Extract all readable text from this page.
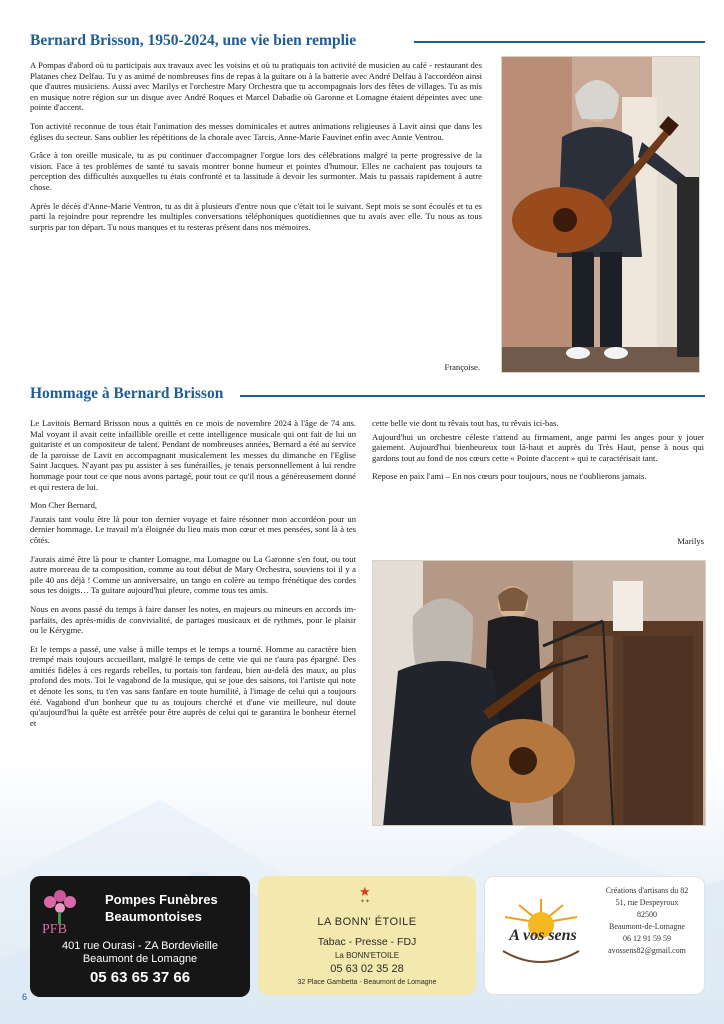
Bernard Brisson, 1950-2024, une vie bien remplie

A Pompas d'abord où tu participais aux travaux avec les voisins et où tu pratiquais ton activité de musicien au café - restaurant des Platanes chez Delfau. Tu y as animé de nombreuses fins de repas à la guitare ou à la batterie avec André Delfau à l'accordéon ainsi que d'autres musiciens. Aussi avec Marilys et l'orchestre Mary Orchestra que tu accompagnais lors des fêtes de villages. Tu as mis en musique notre région sur un disque avec André Roques et Marcel Dabadie où Garonne et Lomagne étaient dépeintes avec une pointe d'accent.

Ton activité reconnue de tous était l'animation des messes dominicales et autres animations religieuses à Lavit ainsi que dans les églises du secteur. Sans oublier les répétitions de la chorale avec Tarcis, Anne-Marie Fauvinet enfin avec Annie Ventrou.

Grâce à ton oreille musicale, tu as pu continuer d'accompagner l'orgue lors des célébrations malgré ta perte progressive de la vision. Face à tes problèmes de santé tu savais montrer bonne humeur et pointes d'humour. Elles ne cachaient pas toujours ta perception des difficultés auxquelles tu étais confronté et ta lassitude à devoir les surmonter. Mais tu passais rapidement à autre chose.

Après le décès d'Anne-Marie Ventron, tu as dit à plusieurs d'entre nous que c'était toi le suivant. Sept mois se sont écoulés et tu es parti la rejoindre pour reprendre les multiples conversations téléphoniques quotidiennes que tu avais avec elle. Tu nous as tous surpris par ton départ. Tu nous manques et tu resteras présent dans nos mémoires.

Françoise.
Hommage à Bernard Brisson

Le Lavitois Bernard Brisson nous a quittés en ce mois de novembre 2024 à l'âge de 74 ans. Mal voyant il avait cette infaillible oreille et cette intelligence musicale qui ont fait de lui un guitariste et un compositeur de talent. Pendant de nombreuses années, Bernard a été au service de la paroisse de Lavit en accompagnant musicalement les messes du dimanche en l'Eglise Saint Jacques. N'ayant pas pu assister à ses funérailles, je tenais personnellement à lui rendre hommage pour tout ce que nous avons partagé, pour tout ce qu'il nous a généreusement donné et qui restera de lui.

Mon Cher Bernard,

J'aurais tant voulu être là pour ton dernier voyage et faire résonner mon accordéon pour un dernier hommage. Le travail m'a éloignée du lieu mais mon cœur et mes pensées, sont là à tes côtés.

J'aurais aimé être là pour te chanter Lomagne, ma Lomagne ou La Garonne s'en fout, ou tout autre morceau de ta composition, comme au tout début de Mary Orchestra, souviens toi il y a pile 40 ans déjà ! Comme un anniversaire, un tango en colère au tempo frénétique des cordes sous tes doigts… Ta guitare aujourd'hui pleure, comme tous tes amis.

Nous en avons passé du temps à faire danser les notes, en majeurs ou mineurs en accords im-parfaits, des après-midis de convivialité, de partages musicaux et de rythmes, pour le plaisir ou le Kérygme.

Et le temps a passé, une valse à mille temps et le temps a tourné. Homme au caractère bien trempé mais toujours accueillant, malgré le temps de cette vie qui ne t'aura pas épargné. Des amitiés fidèles à ces regards rebelles, tu portais ton fardeau, bien au-delà des maux, au plus profond des mots. Toi le vagabond de la musique, qui se joue des saisons, toi l'artiste qui note et dénote les sons, tu t'en vas sans fanfare en toute humilité, à l'image de celui qui a toujours été. Vagabond d'un bonheur que tu as toujours cherché et d'une vie meilleure, nul doute qu'aujourd'hui la quête est arrêtée pour être auprès de celui qui te garantira le bonheur éternel et

cette belle vie dont tu rêvais tout bas, tu rêvais ici-bas.

Aujourd'hui un orchestre céleste t'attend au firmament, ange parmi les anges pour y jouer gaiement. Aujourd'hui bienheureux tout là-haut et auprès du Très Haut, pense à nous qui gardons tout au fond de nos cœurs cette « Pointe d'accent » qui te caractérisait tant.

Repose en paix l'ami – En nos cœurs pour toujours, nous ne t'oublierons jamais.

Marilys
PFB
Pompes Funèbres
Beaumontoises
401 rue Ourasi - ZA Bordevieille
Beaumont de Lomagne
05 63 65 37 66
★
✦✦
LA BONN' ÉTOILE
Tabac - Presse - FDJ
La BONN'ETOILE
05 63 02 35 28
32 Place Gambetta - Beaumont de Lomagne
A vos sens
Créations d'artisans du 82
51, rue Despeyroux
82500
Beaumont-de-Lomagne
06 12 91 59 59
avossens82@gmail.com
6
